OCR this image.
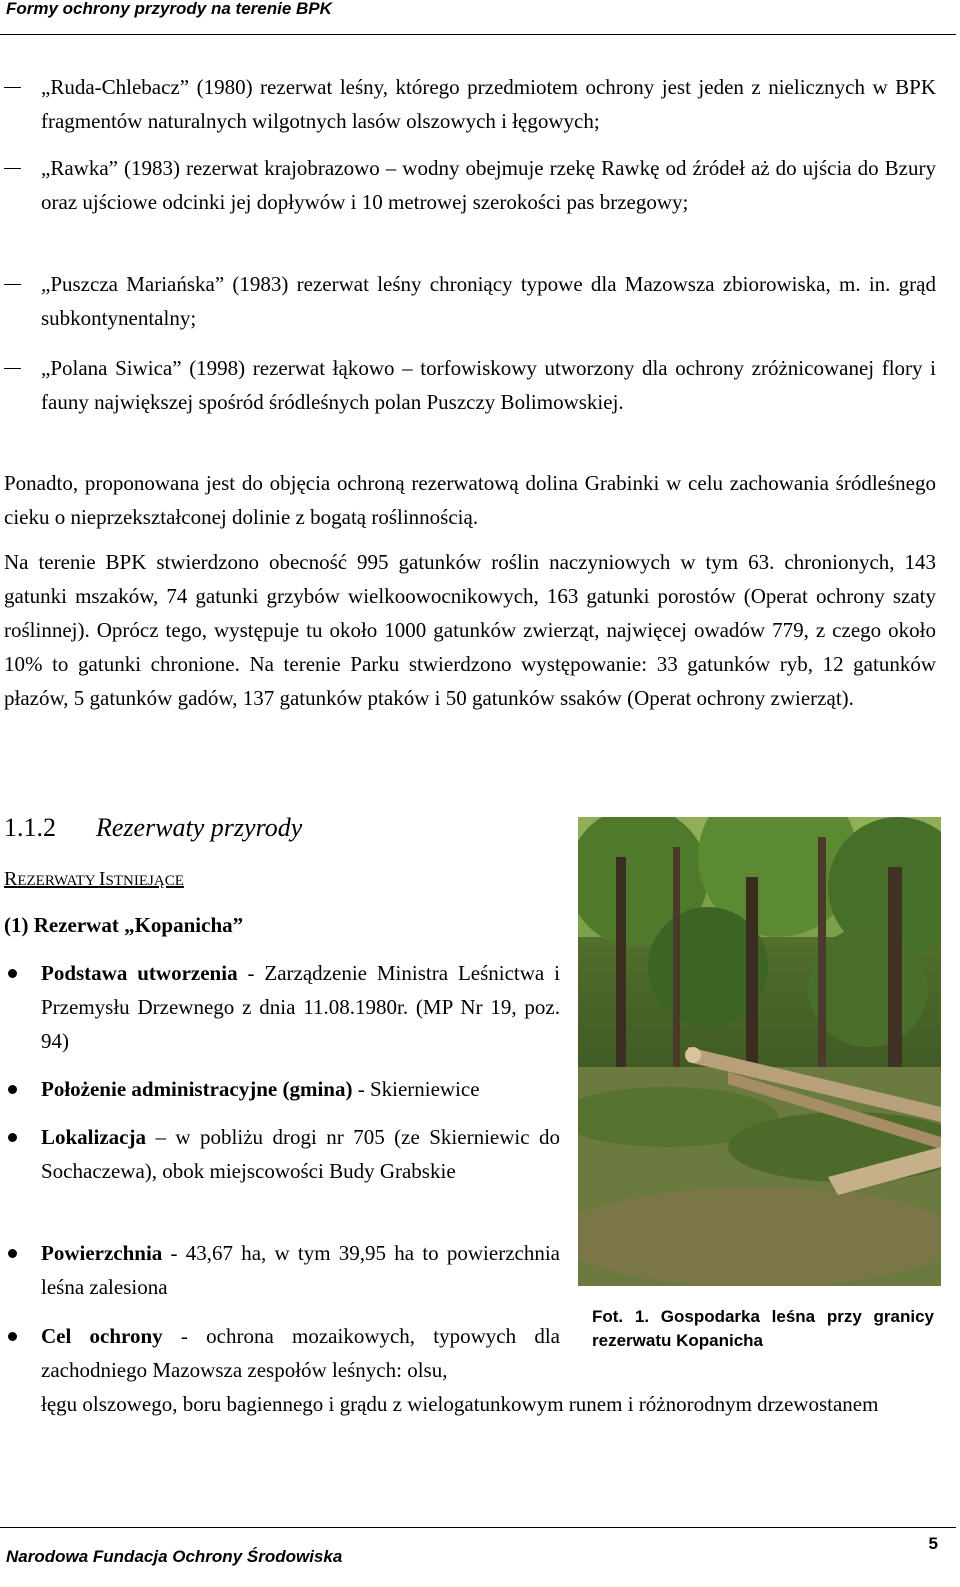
Formy ochrony przyrody na terenie BPK
„Ruda-Chlebacz” (1980) rezerwat leśny, którego przedmiotem ochrony jest jeden z nielicznych w BPK fragmentów naturalnych wilgotnych lasów olszowych i łęgowych;
„Rawka” (1983) rezerwat krajobrazowo – wodny obejmuje rzekę Rawkę od źródeł aż do ujścia do Bzury oraz ujściowe odcinki jej dopływów i 10 metrowej szerokości pas brzegowy;
„Puszcza Mariańska” (1983) rezerwat leśny chroniący typowe dla Mazowsza zbiorowiska, m. in. grąd subkontynentalny;
„Polana Siwica” (1998) rezerwat łąkowo – torfowiskowy utworzony dla ochrony zróżnicowanej flory i fauny największej spośród śródleśnych polan Puszczy Bolimowskiej.
Ponadto, proponowana jest do objęcia ochroną rezerwatową dolina Grabinki w celu zachowania śródleśnego cieku o nieprzekształconej dolinie z bogatą roślinnością.
Na terenie BPK stwierdzono obecność 995 gatunków roślin naczyniowych w tym 63. chronionych, 143 gatunki mszaków, 74 gatunki grzybów wielkoowocnikowych, 163 gatunki porostów (Operat ochrony szaty roślinnej). Oprócz tego, występuje tu około 1000 gatunków zwierząt, najwięcej owadów 779, z czego około 10% to gatunki chronione. Na terenie Parku stwierdzono występowanie: 33 gatunków ryb, 12 gatunków płazów, 5 gatunków gadów, 137 gatunków ptaków i 50 gatunków ssaków (Operat ochrony zwierząt).
1.1.2 Rezerwaty przyrody
REZERWATY ISTNIEJĄCE
(1) Rezerwat „Kopanicha”
Podstawa utworzenia - Zarządzenie Ministra Leśnictwa i Przemysłu Drzewnego z dnia 11.08.1980r. (MP Nr 19, poz. 94)
Położenie administracyjne (gmina) - Skierniewice
Lokalizacja – w pobliżu drogi nr 705 (ze Skierniewic do Sochaczewa), obok miejscowości Budy Grabskie
Powierzchnia - 43,67 ha, w tym 39,95 ha to powierzchnia leśna zalesiona
Cel ochrony - ochrona mozaikowych, typowych dla zachodniego Mazowsza zespołów leśnych: olsu,
łęgu olszowego, boru bagiennego i grądu z wielogatunkowym runem i różnorodnym drzewostanem
Fot. 1. Gospodarka leśna przy granicy rezerwatu Kopanicha
Narodowa Fundacja Ochrony Środowiska
5
